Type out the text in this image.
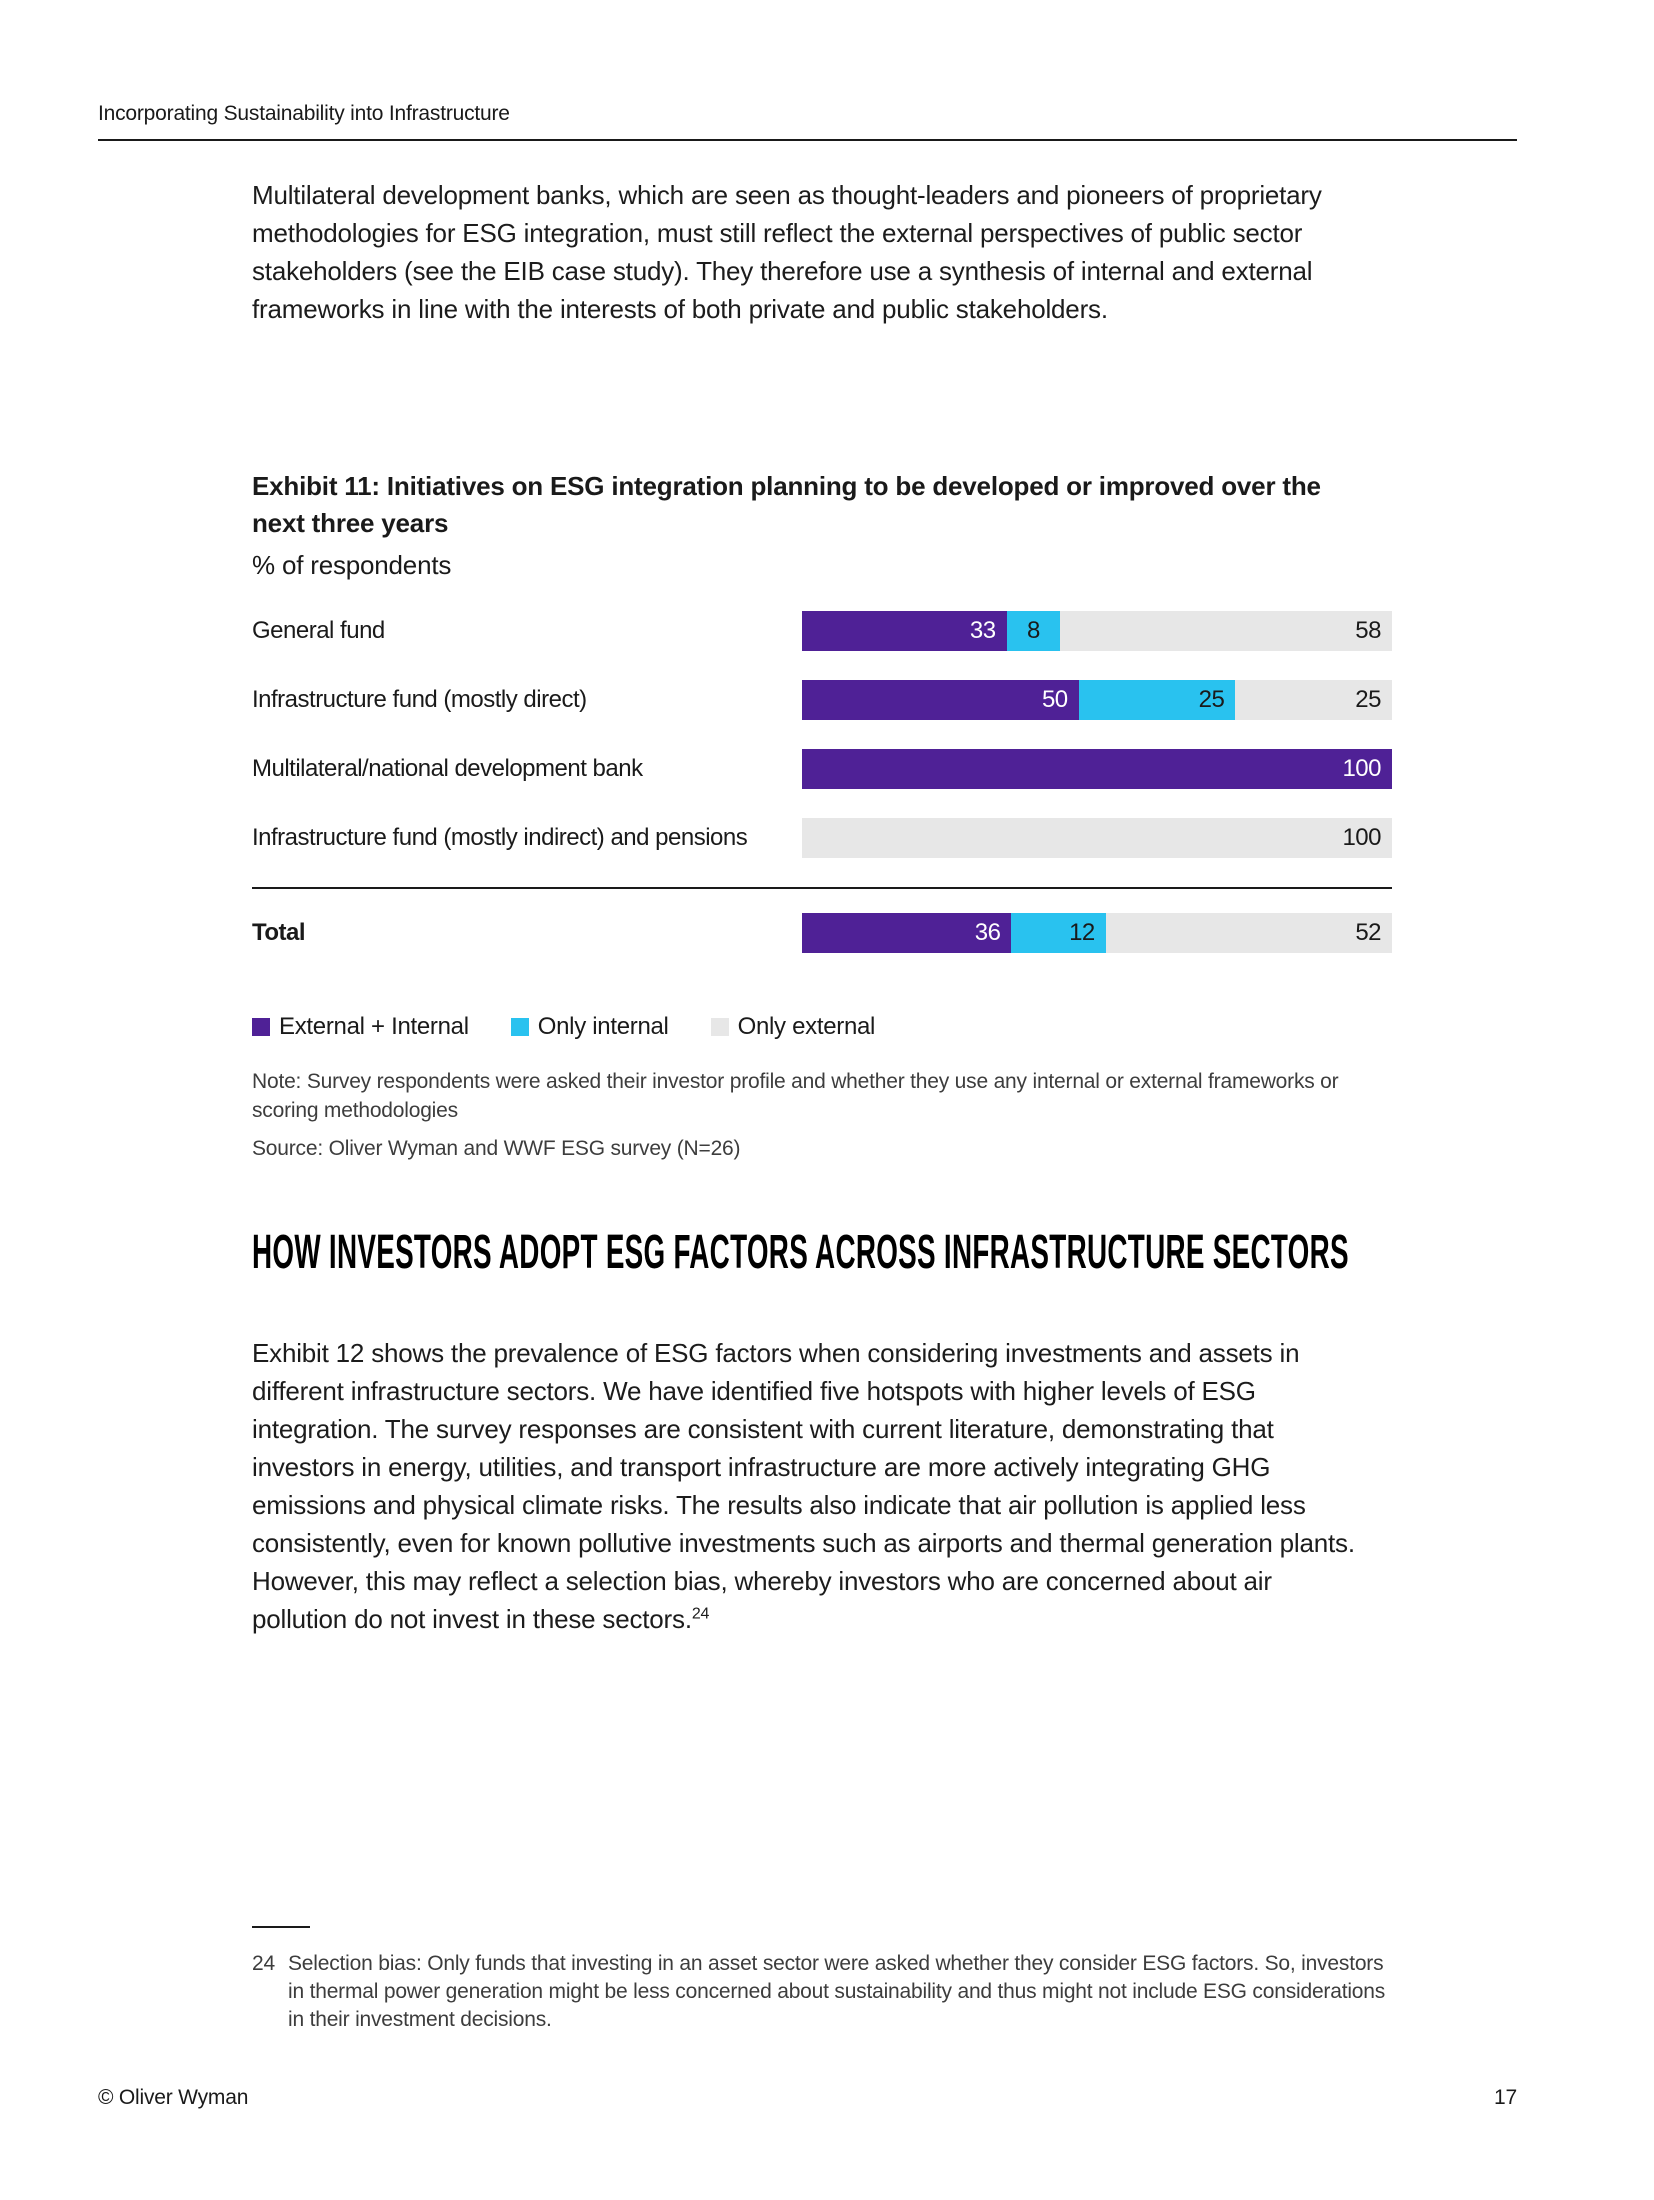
Incorporating Sustainability into Infrastructure

Multilateral development banks, which are seen as thought-leaders and pioneers of proprietary methodologies for ESG integration, must still reflect the external perspectives of public sector stakeholders (see the EIB case study). They therefore use a synthesis of internal and external frameworks in line with the interests of both private and public stakeholders.

Exhibit 11: Initiatives on ESG integration planning to be developed or improved over the next three years
% of respondents
General fund	33	8	58
Infrastructure fund (mostly direct)	50	25	25
Multilateral/national development bank	100
Infrastructure fund (mostly indirect) and pensions	100
Total	36	12	52
External + Internal	Only internal	Only external
Note: Survey respondents were asked their investor profile and whether they use any internal or external frameworks or scoring methodologies
Source: Oliver Wyman and WWF ESG survey (N=26)
HOW INVESTORS ADOPT ESG FACTORS ACROSS INFRASTRUCTURE SECTORS

Exhibit 12 shows the prevalence of ESG factors when considering investments and assets in different infrastructure sectors. We have identified five hotspots with higher levels of ESG integration. The survey responses are consistent with current literature, demonstrating that investors in energy, utilities, and transport infrastructure are more actively integrating GHG emissions and physical climate risks. The results also indicate that air pollution is applied less consistently, even for known pollutive investments such as airports and thermal generation plants. However, this may reflect a selection bias, whereby investors who are concerned about air pollution do not invest in these sectors.$^{24}$

24 Selection bias: Only funds that investing in an asset sector were asked whether they consider ESG factors. So, investors in thermal power generation might be less concerned about sustainability and thus might not include ESG considerations in their investment decisions.
© Oliver Wyman	17
